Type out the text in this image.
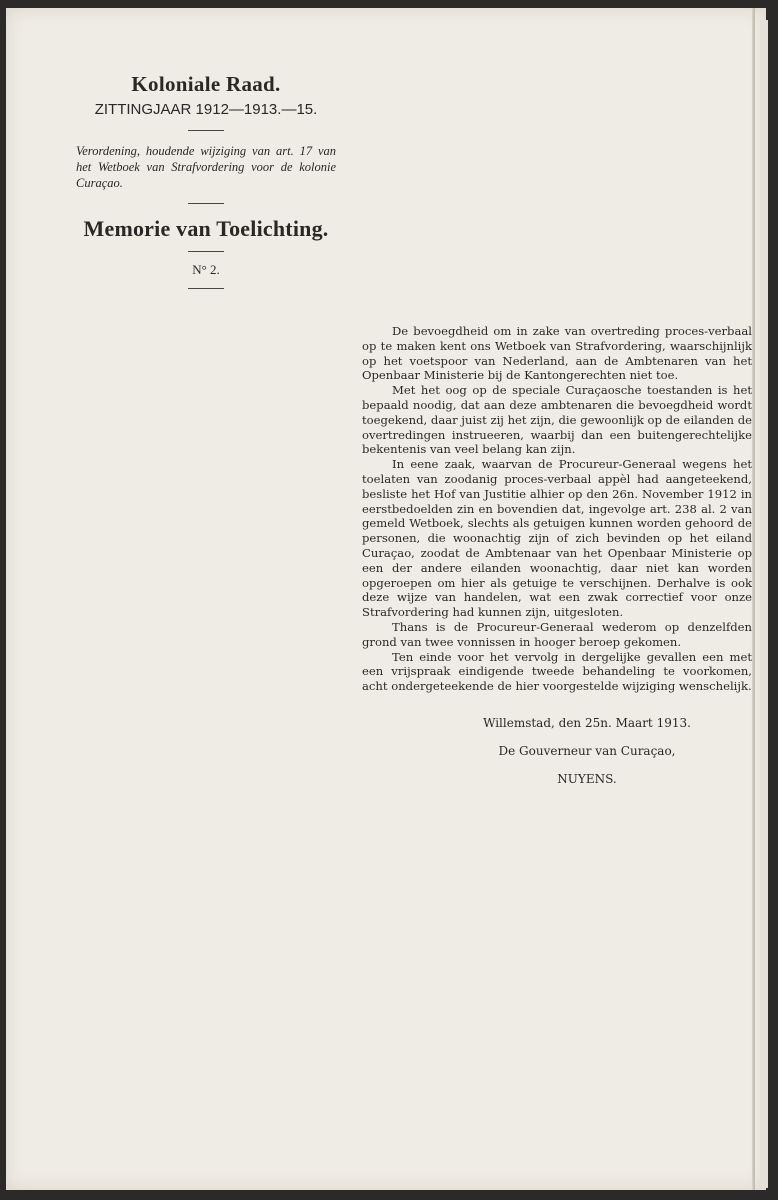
Koloniale Raad.

ZITTINGJAAR 1912—1913.—15.

Verordening, houdende wijziging van art. 17 van het Wetboek van Strafvordering voor de kolonie Curaçao.

Memorie van Toelichting.

N° 2.

De bevoegdheid om in zake van overtreding proces-verbaal op te maken kent ons Wetboek van Strafvordering, waarschijnlijk op het voetspoor van Nederland, aan de Ambtenaren van het Openbaar Ministerie bij de Kantongerechten niet toe.

Met het oog op de speciale Curaçaosche toestanden is het bepaald noodig, dat aan deze ambtenaren die bevoegdheid wordt toegekend, daar juist zij het zijn, die gewoonlijk op de eilanden de overtredingen instrueeren, waarbij dan een buitengerechtelijke bekentenis van veel belang kan zijn.

In eene zaak, waarvan de Procureur-Generaal wegens het toelaten van zoodanig proces-verbaal appèl had aangeteekend, besliste het Hof van Justitie alhier op den 26n. November 1912 in eerstbedoelden zin en bovendien dat, ingevolge art. 238 al. 2 van gemeld Wetboek, slechts als getuigen kunnen worden gehoord de personen, die woonachtig zijn of zich bevinden op het eiland Curaçao, zoodat de Ambtenaar van het Openbaar Ministerie op een der andere eilanden woonachtig, daar niet kan worden opgeroepen om hier als getuige te verschijnen. Derhalve is ook deze wijze van handelen, wat een zwak correctief voor onze Strafvordering had kunnen zijn, uitgesloten.

Thans is de Procureur-Generaal wederom op denzelfden grond van twee vonnissen in hooger beroep gekomen.

Ten einde voor het vervolg in dergelijke gevallen een met een vrijspraak eindigende tweede behandeling te voorkomen, acht ondergeteekende de hier voorgestelde wijziging wenschelijk.

Willemstad, den 25n. Maart 1913.
De Gouverneur van Curaçao,
NUYENS.
